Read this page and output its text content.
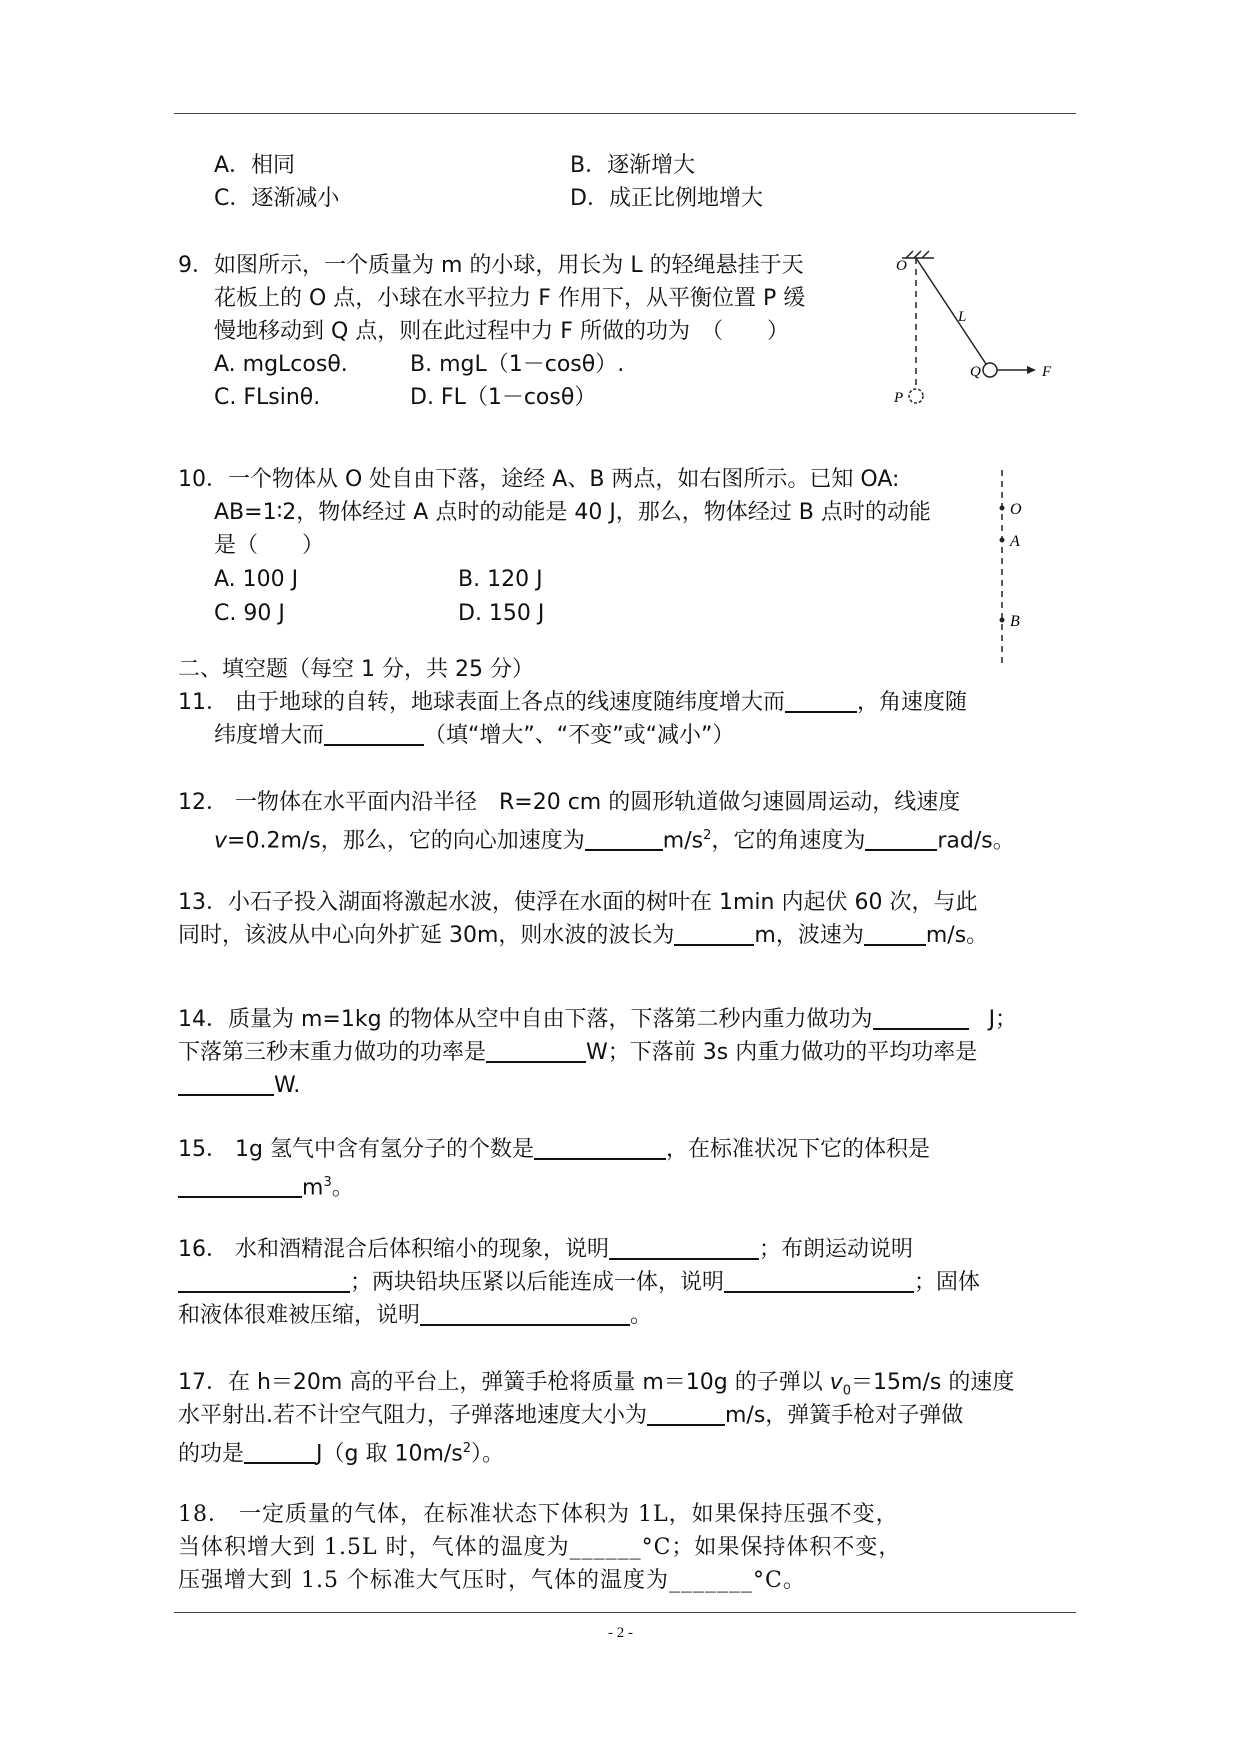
A．相同	B．逐渐增大
C．逐渐减小	D．成正比例地增大
9．如图所示，一个质量为 m 的小球，用长为 L 的轻绳悬挂于天
花板上的 O 点，小球在水平拉力 F 作用下，从平衡位置 P 缓
慢地移动到 Q 点，则在此过程中力 F 所做的功为　（　　）
A. mgLcosθ.	B. mgL（1－cosθ）.
C. FLsinθ.	D. FL（1－cosθ）
O
L
Q	F
P
10．一个物体从 O 处自由下落，途经 A、B 两点，如右图所示。已知 OA:
AB=1∶2，物体经过 A 点时的动能是 40 J，那么，物体经过 B 点时的动能
是（　　）
A. 100 J	B. 120 J
C. 90 J	D. 150 J
O
A
B
二、填空题（每空 1 分，共 25 分）
11． 由于地球的自转，地球表面上各点的线速度随纬度增大而	，角速度随
纬度增大而	（填“增大”、“不变”或“减小”）
12． 一物体在水平面内沿半径　R=20 cm 的圆形轨道做匀速圆周运动，线速度
v=0.2m/s，那么，它的向心加速度为	$m/s^2$，它的角速度为	rad/s。
13．小石子投入湖面将激起水波，使浮在水面的树叶在 1min 内起伏 60 次，与此
同时，该波从中心向外扩延 30m，则水波的波长为	m，波速为	m/s。
14．质量为 m=1kg 的物体从空中自由下落，下落第二秒内重力做功为	J；
下落第三秒末重力做功的功率是	W；下落前 3s 内重力做功的平均功率是
W.
15． 1g 氢气中含有氢分子的个数是	，在标准状况下它的体积是
$m^3$。
16． 水和酒精混合后体积缩小的现象，说明	；布朗运动说明
；两块铅块压紧以后能连成一体，说明	；固体
和液体很难被压缩，说明	。
17．在 h＝20m 高的平台上，弹簧手枪将质量 m＝10g 的子弹以 $v_0=15m/s$ 的速度
水平射出.若不计空气阻力，子弹落地速度大小为	m/s，弹簧手枪对子弹做
的功是	J（g 取 $10m/s^2$）。
18． 一定质量的气体，在标准状态下体积为 1L，如果保持压强不变，
当体积增大到 1.5L 时，气体的温度为______°C；如果保持体积不变，
压强增大到 1.5 个标准大气压时，气体的温度为_______°C。
- 2 -
